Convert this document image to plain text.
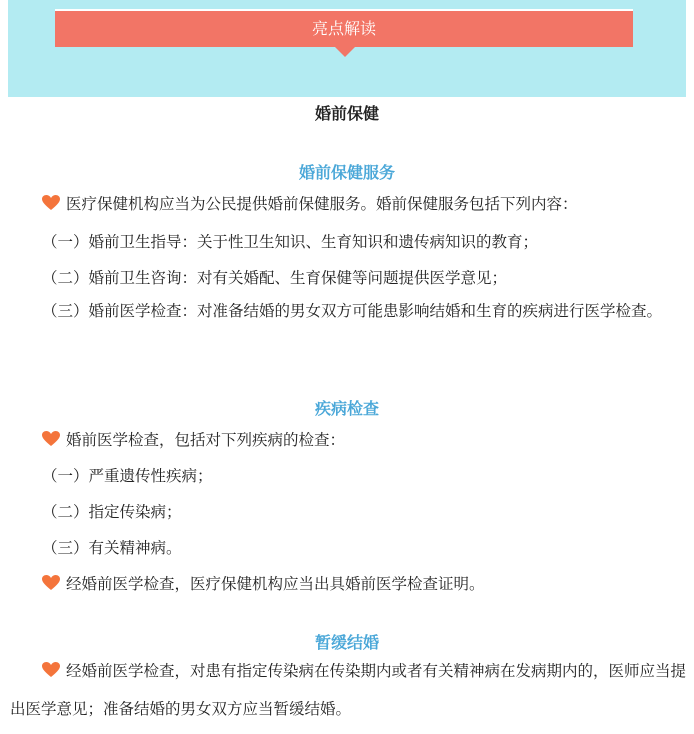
亮点解读
婚前保健
婚前保健服务
医疗保健机构应当为公民提供婚前保健服务。婚前保健服务包括下列内容：
（一）婚前卫生指导：关于性卫生知识、生育知识和遗传病知识的教育；
（二）婚前卫生咨询：对有关婚配、生育保健等问题提供医学意见；
（三）婚前医学检查：对准备结婚的男女双方可能患影响结婚和生育的疾病进行医学检查。
疾病检查
婚前医学检查，包括对下列疾病的检查：
（一）严重遗传性疾病；
（二）指定传染病；
（三）有关精神病。
经婚前医学检查，医疗保健机构应当出具婚前医学检查证明。
暂缓结婚
经婚前医学检查，对患有指定传染病在传染期内或者有关精神病在发病期内的，医师应当提出医学意见；准备结婚的男女双方应当暂缓结婚。
